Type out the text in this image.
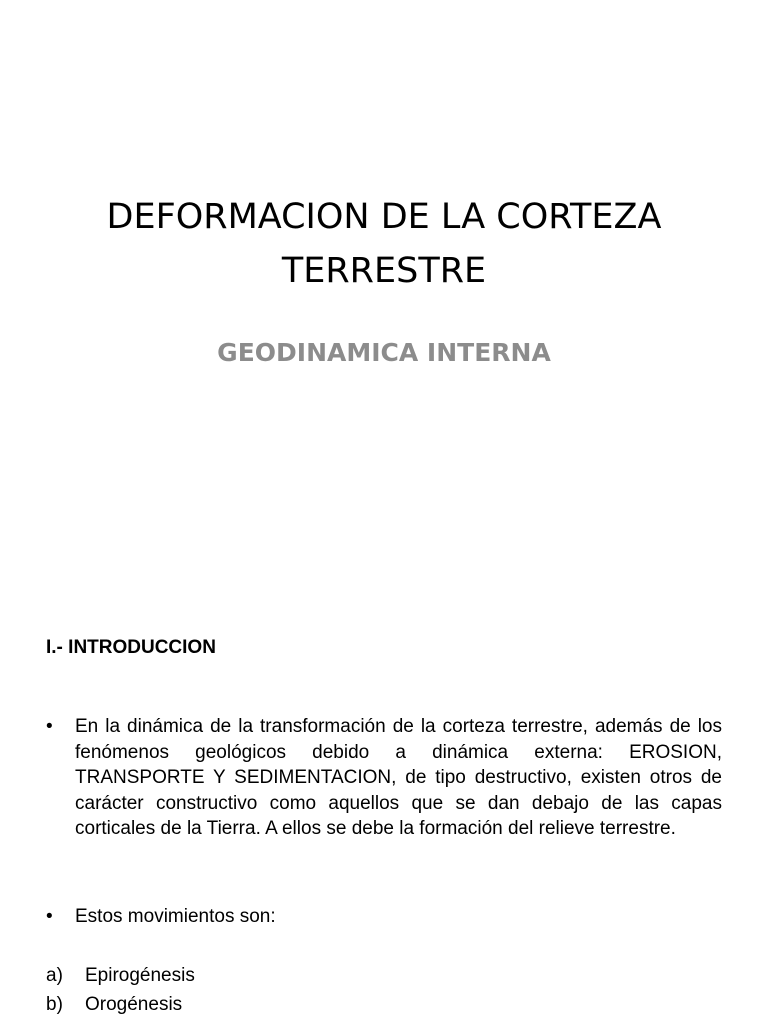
DEFORMACION DE LA CORTEZA
TERRESTRE
GEODINAMICA INTERNA
I.- INTRODUCCION

• En la dinámica de la transformación de la corteza terrestre, además de los fenómenos geológicos debido a dinámica externa: EROSION, TRANSPORTE Y SEDIMENTACION, de tipo destructivo, existen otros de carácter constructivo como aquellos que se dan debajo de las capas corticales de la Tierra. A ellos se debe la formación del relieve terrestre.

• Estos movimientos son:

a) Epirogénesis

b) Orogénesis
